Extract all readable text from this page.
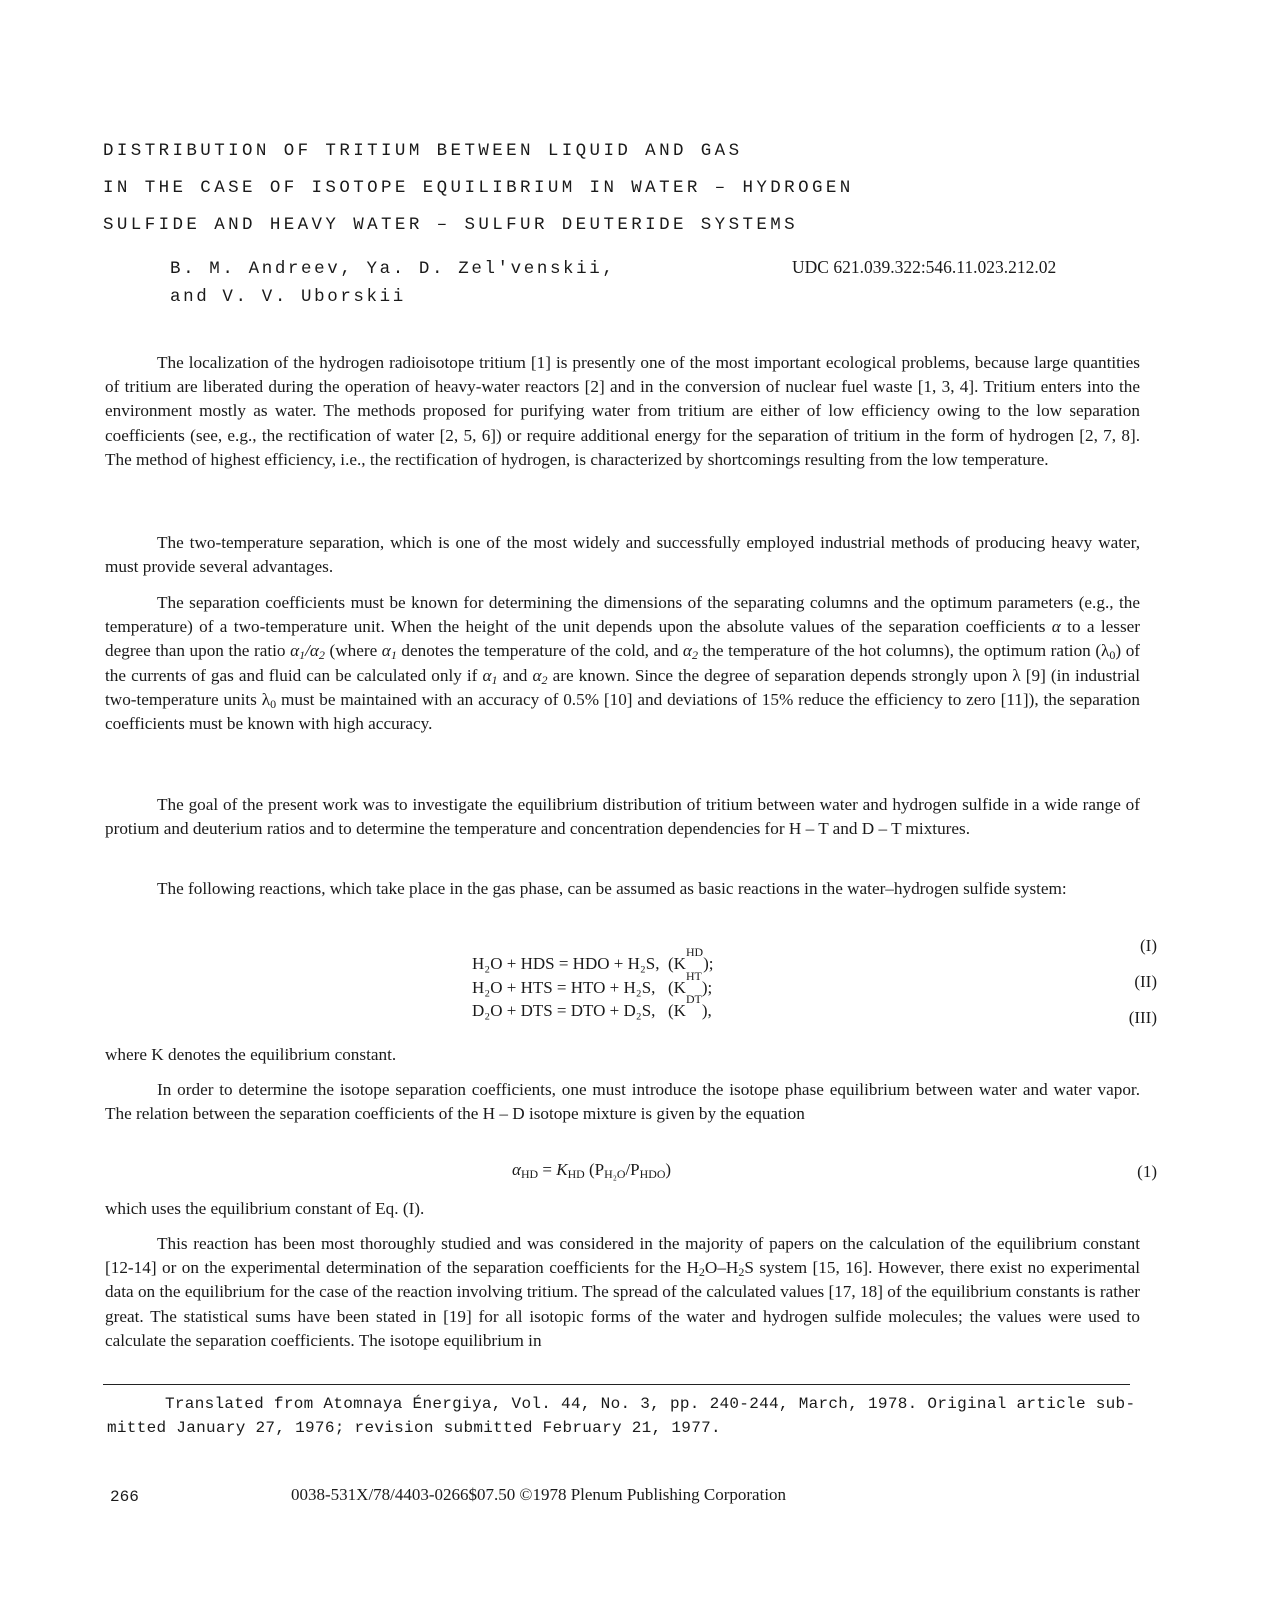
DISTRIBUTION OF TRITIUM BETWEEN LIQUID AND GAS
IN THE CASE OF ISOTOPE EQUILIBRIUM IN WATER – HYDROGEN
SULFIDE AND HEAVY WATER – SULFUR DEUTERIDE SYSTEMS
B. M. Andreev, Ya. D. Zel'venskii,
and V. V. Uborskii
UDC 621.039.322:546.11.023.212.02
The localization of the hydrogen radioisotope tritium [1] is presently one of the most important ecological problems, because large quantities of tritium are liberated during the operation of heavy-water reactors [2] and in the conversion of nuclear fuel waste [1, 3, 4]. Tritium enters into the environment mostly as water. The methods proposed for purifying water from tritium are either of low efficiency owing to the low separation coefficients (see, e.g., the rectification of water [2, 5, 6]) or require additional energy for the separation of tritium in the form of hydrogen [2, 7, 8]. The method of highest efficiency, i.e., the rectification of hydrogen, is characterized by shortcomings resulting from the low temperature.
The two-temperature separation, which is one of the most widely and successfully employed industrial methods of producing heavy water, must provide several advantages.
The separation coefficients must be known for determining the dimensions of the separating columns and the optimum parameters (e.g., the temperature) of a two-temperature unit. When the height of the unit depends upon the absolute values of the separation coefficients α to a lesser degree than upon the ratio $\alpha_1/\alpha_2$ (where $\alpha_1$ denotes the temperature of the cold, and $\alpha_2$ the temperature of the hot columns), the optimum ration $(\lambda_0)$ of the currents of gas and fluid can be calculated only if $\alpha_1$ and $\alpha_2$ are known. Since the degree of separation depends strongly upon λ [9] (in industrial two-temperature units $\lambda_0$ must be maintained with an accuracy of 0.5% [10] and deviations of 15% reduce the efficiency to zero [11]), the separation coefficients must be known with high accuracy.
The goal of the present work was to investigate the equilibrium distribution of tritium between water and hydrogen sulfide in a wide range of protium and deuterium ratios and to determine the temperature and concentration dependencies for H – T and D – T mixtures.
The following reactions, which take place in the gas phase, can be assumed as basic reactions in the water–hydrogen sulfide system:
H₂O + HDS = HDO + H₂S, (K
HD
);
H₂O + HTS = HTO + H₂S, (K
HT
);
D₂O + DTS = DTO + D₂S, (K
DT
),
(I)
(II)
(III)
where K denotes the equilibrium constant.
In order to determine the isotope separation coefficients, one must introduce the isotope phase equilibrium between water and water vapor. The relation between the separation coefficients of the H – D isotope mixture is given by the equation
$\alpha_{HD} = K_{HD}$ $(P_{H_2O}/P_{HDO})$	(1)
which uses the equilibrium constant of Eq. (I).
This reaction has been most thoroughly studied and was considered in the majority of papers on the calculation of the equilibrium constant [12-14] or on the experimental determination of the separation coefficients for the $H_2O-H_2S$ system [15, 16]. However, there exist no experimental data on the equilibrium for the case of the reaction involving tritium. The spread of the calculated values [17, 18] of the equilibrium constants is rather great. The statistical sums have been stated in [19] for all isotopic forms of the water and hydrogen sulfide molecules; the values were used to calculate the separation coefficients. The isotope equilibrium in
Translated from Atomnaya Énergiya, Vol. 44, No. 3, pp. 240-244, March, 1978. Original article sub-
mitted January 27, 1976; revision submitted February 21, 1977.
266	0038-531X/78/4403-0266$07.50 ©1978 Plenum Publishing Corporation
